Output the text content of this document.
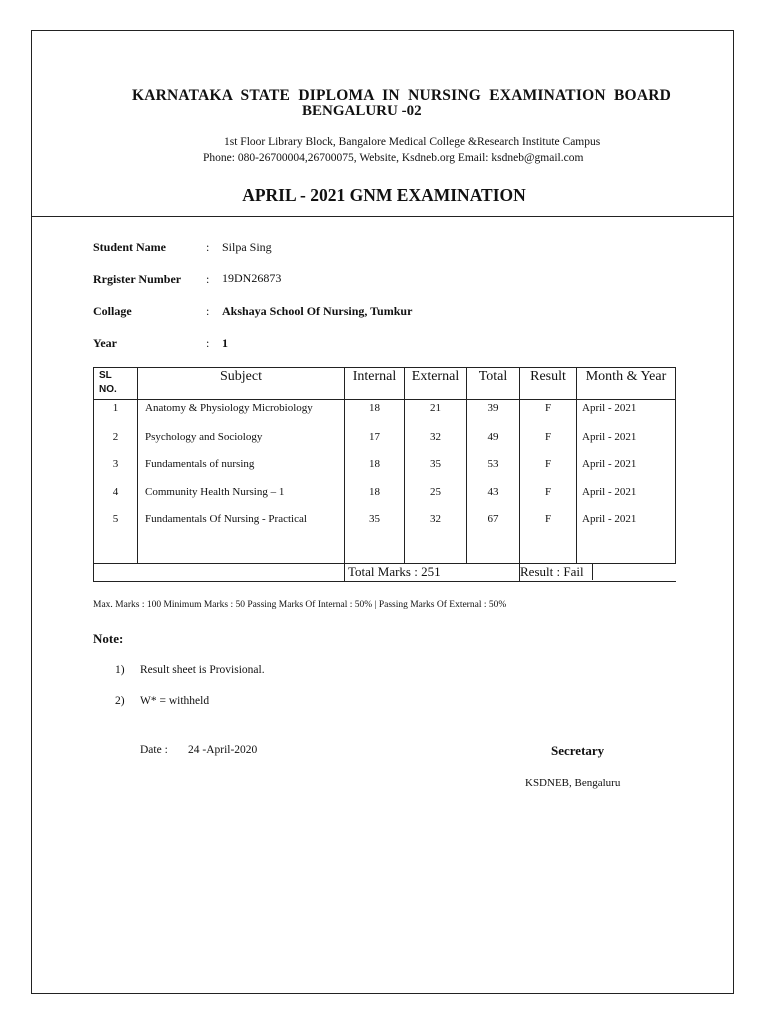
KARNATAKA STATE DIPLOMA IN NURSING EXAMINATION BOARD
BENGALURU -02
1st Floor Library Block, Bangalore Medical College &Research Institute Campus
Phone: 080-26700004,26700075, Website, Ksdneb.org Email: ksdneb@gmail.com
APRIL - 2021 GNM EXAMINATION
Student Name	: Silpa Sing
Rrgister Number : 19DN26873
Collage	: Akshaya School Of Nursing, Tumkur
Year	: 1
SL
NO.	Subject	Internal	External	Total	Result	Month & Year
1	Anatomy & Physiology Microbiology	18	21	39	F	April - 2021
2	Psychology and Sociology	17	32	49	F	April - 2021
3	Fundamentals of nursing	18	35	53	F	April - 2021
4	Community Health Nursing – 1	18	25	43	F	April - 2021
5	Fundamentals Of Nursing - Practical	35	32	67	F	April - 2021

		Total Marks : 251			Result : Fail	
Max. Marks : 100 Minimum Marks : 50 Passing Marks Of Internal : 50% | Passing Marks Of External : 50%
Note:
1) Result sheet is Provisional.
2) W* = withheld
Date : 24 -April-2020	Secretary
KSDNEB, Bengaluru
